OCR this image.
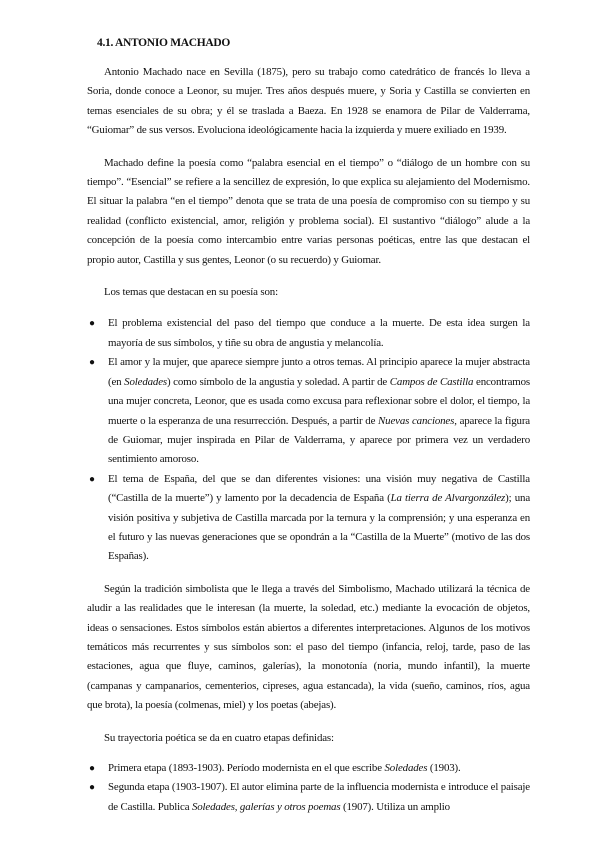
4.1. ANTONIO MACHADO

Antonio Machado nace en Sevilla (1875), pero su trabajo como catedrático de francés lo lleva a Soria, donde conoce a Leonor, su mujer. Tres años después muere, y Soria y Castilla se convierten en temas esenciales de su obra; y él se traslada a Baeza. En 1928 se enamora de Pilar de Valderrama, “Guiomar” de sus versos. Evoluciona ideológicamente hacia la izquierda y muere exiliado en 1939.

Machado define la poesía como “palabra esencial en el tiempo” o “diálogo de un hombre con su tiempo”. “Esencial” se refiere a la sencillez de expresión, lo que explica su alejamiento del Modernismo. El situar la palabra “en el tiempo” denota que se trata de una poesía de compromiso con su tiempo y su realidad (conflicto existencial, amor, religión y problema social). El sustantivo “diálogo” alude a la concepción de la poesía como intercambio entre varias personas poéticas, entre las que destacan el propio autor, Castilla y sus gentes, Leonor (o su recuerdo) y Guiomar.

Los temas que destacan en su poesía son:

● El problema existencial del paso del tiempo que conduce a la muerte. De esta idea surgen la mayoría de sus símbolos, y tiñe su obra de angustia y melancolía.
● El amor y la mujer, que aparece siempre junto a otros temas. Al principio aparece la mujer abstracta (en Soledades) como símbolo de la angustia y soledad. A partir de Campos de Castilla encontramos una mujer concreta, Leonor, que es usada como excusa para reflexionar sobre el dolor, el tiempo, la muerte o la esperanza de una resurrección. Después, a partir de Nuevas canciones, aparece la figura de Guiomar, mujer inspirada en Pilar de Valderrama, y aparece por primera vez un verdadero sentimiento amoroso.
● El tema de España, del que se dan diferentes visiones: una visión muy negativa de Castilla (“Castilla de la muerte”) y lamento por la decadencia de España (La tierra de Alvargonzález); una visión positiva y subjetiva de Castilla marcada por la ternura y la comprensión; y una esperanza en el futuro y las nuevas generaciones que se opondrán a la “Castilla de la Muerte” (motivo de las dos Españas).

Según la tradición simbolista que le llega a través del Simbolismo, Machado utilizará la técnica de aludir a las realidades que le interesan (la muerte, la soledad, etc.) mediante la evocación de objetos, ideas o sensaciones. Estos símbolos están abiertos a diferentes interpretaciones. Algunos de los motivos temáticos más recurrentes y sus símbolos son: el paso del tiempo (infancia, reloj, tarde, paso de las estaciones, agua que fluye, caminos, galerías), la monotonía (noria, mundo infantil), la muerte (campanas y campanarios, cementerios, cipreses, agua estancada), la vida (sueño, caminos, ríos, agua que brota), la poesía (colmenas, miel) y los poetas (abejas).

Su trayectoria poética se da en cuatro etapas definidas:

● Primera etapa (1893-1903). Período modernista en el que escribe Soledades (1903).
● Segunda etapa (1903-1907). El autor elimina parte de la influencia modernista e introduce el paisaje de Castilla. Publica Soledades, galerías y otros poemas (1907). Utiliza un amplio
